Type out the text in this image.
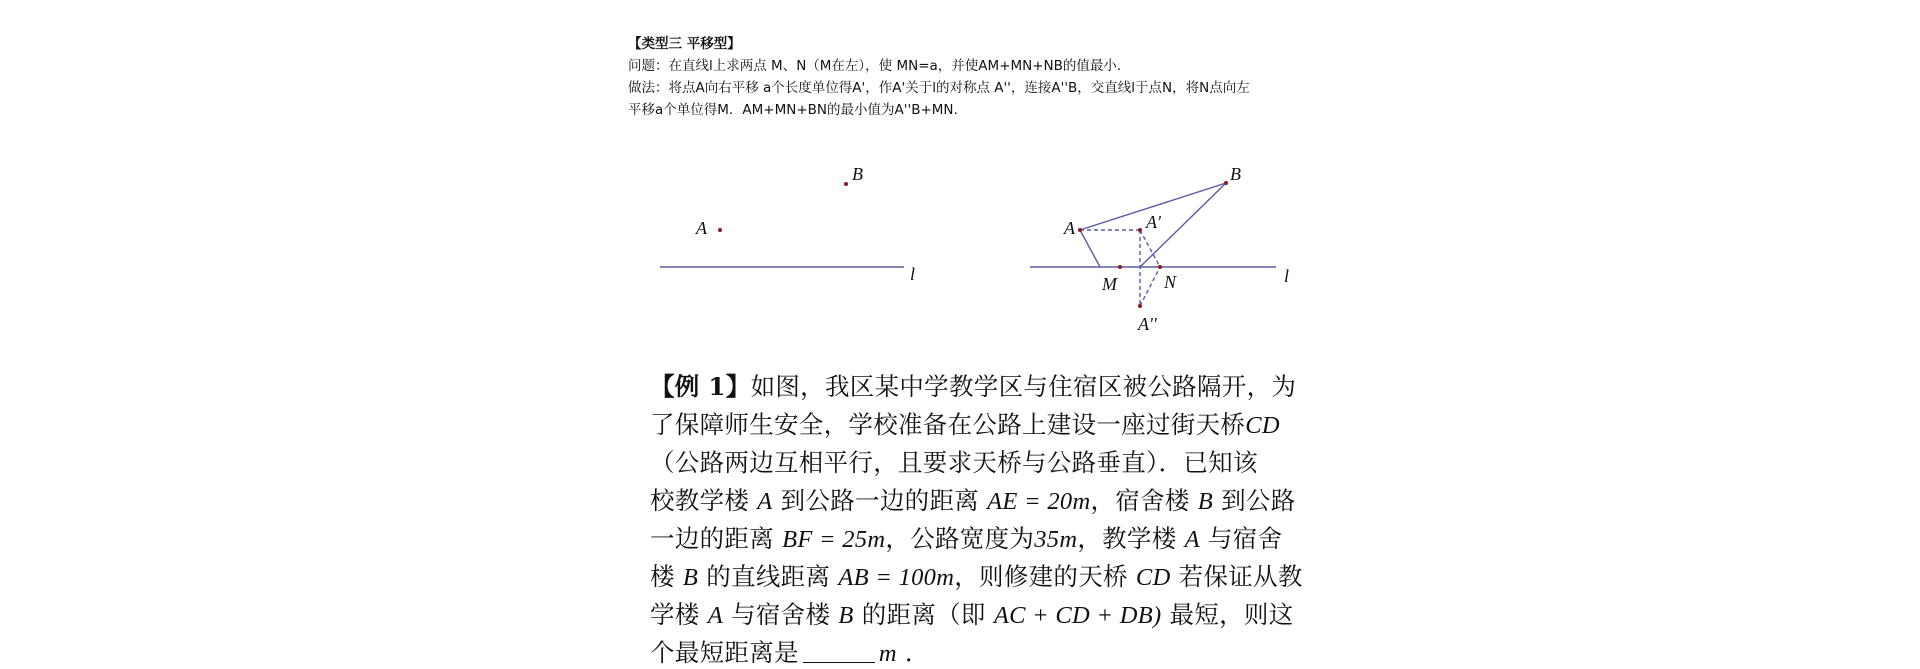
【类型三 平移型】
问题：在直线l上求两点 M、N（M在左），使 MN=a，并使AM+MN+NB的值最小.
做法：将点A向右平移 a个长度单位得A'，作A'关于l的对称点 A''，连接A''B，交直线l于点N，将N点向左
平移a个单位得M．AM+MN+BN的最小值为A''B+MN.
A
B
l
A	A'
A''
B
M	N	l
【例 1】如图，我区某中学教学区与住宿区被公路隔开，为
了保障师生安全，学校准备在公路上建设一座过街天桥CD
（公路两边互相平行，且要求天桥与公路垂直）．已知该
校教学楼 A 到公路一边的距离 AE = 20m，宿舍楼 B 到公路
一边的距离 BF = 25m，公路宽度为35m，教学楼 A 与宿舍
楼 B 的直线距离 AB = 100m，则修建的天桥 CD 若保证从教
学楼 A 与宿舍楼 B 的距离（即 AC + CD + DB) 最短，则这
个最短距离是	m ．
